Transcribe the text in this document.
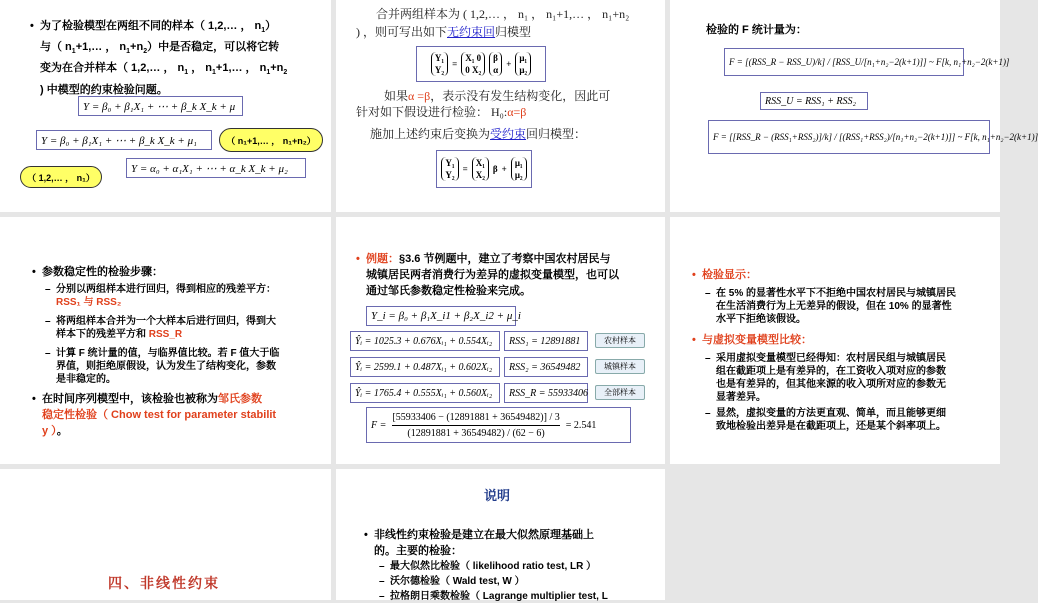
• 为了检验模型在两组不同的样本（ 1,2,… ， $n_1$）
与（ $n_1+1,\dots$ ， $n_1+n_2$）中是否稳定，可以将它转
变为在合并样本（ 1,2,… ， $n_1$ ， $n_1+1,\dots$ ， $n_1+n_2$
) 中模型的约束检验问题。
Y = β₀ + β₁X₁ + ⋯ + β_k X_k + μ
Y = β₀ + β₁X₁ + ⋯ + β_k X_k + μ₁
Y = α₀ + α₁X₁ + ⋯ + α_k X_k + μ₂
（ n₁+1,… ， n₁+n₂）
（ 1,2,… ， n₁）
合并两组样本为 ( 1,2,… ， n₁ ， n₁+1,… ， n₁+n₂
) ，则可写出如下无约束回归模型
Y₁
Y₂
=
X₁ 0
0 X₂
β
α
+
μ₁
μ₂
如果α =β，表示没有发生结构变化，因此可
针对如下假设进行检验： H₀:α=β
施加上述约束后变换为受约束回归模型：
Y₁
Y₂
=
X₁
X₂
β +
μ₁
μ₂
检验的 F 统计量为：
F = [(RSS_R − RSS_U)/k] / [RSS_U/[n₁+n₂−2(k+1)]] ~ F[k, n₁+n₂−2(k+1)]
RSS_U = RSS₁ + RSS₂
F = [[RSS_R − (RSS₁+RSS₂)]/k] / [(RSS₁+RSS₂)/[n₁+n₂−2(k+1)]] ~ F[k, n₁+n₂−2(k+1)]
• 参数稳定性的检验步骤：
– 分别以两组样本进行回归，得到相应的残差平方：
RSS₁ 与 RSS₂
– 将两组样本合并为一个大样本后进行回归，得到大
样本下的残差平方和 RSS_R
– 计算 F 统计量的值，与临界值比较。若 F 值大于临
界值，则拒绝原假设，认为发生了结构变化，参数
是非稳定的。
• 在时间序列模型中，该检验也被称为邹氏参数
稳定性检验（ Chow test for parameter stabilit
y ）。
• 例题：§3.6 节例题中，建立了考察中国农村居民与
城镇居民两者消费行为差异的虚拟变量模型，也可以
通过邹氏参数稳定性检验来完成。
Y_i = β₀ + β₁X_i1 + β₂X_i2 + μ_i
Ŷᵢ = 1025.3 + 0.676Xᵢ₁ + 0.554Xᵢ₂	RSS₁ = 12891881	农村样本
Ŷᵢ = 2599.1 + 0.487Xᵢ₁ + 0.602Xᵢ₂	RSS₂ = 36549482	城镇样本
Ŷᵢ = 1765.4 + 0.555Xᵢ₁ + 0.560Xᵢ₂	RSS_R = 55933406	全部样本
$F = \frac{[55933406 - (12891881 + 36549482)] / 3}{(12891881 + 36549482) / (62 - 6)} = 2.541$
• 检验显示：
– 在 5% 的显著性水平下不拒绝中国农村居民与城镇居民
在生活消费行为上无差异的假设，但在 10% 的显著性
水平下拒绝该假设。
• 与虚拟变量模型比较：
– 采用虚拟变量模型已经得知：农村居民组与城镇居民
组在截距项上是有差异的，在工资收入项对应的参数
也是有差异的，但其他来源的收入项所对应的参数无
显著差异。
– 显然，虚拟变量的方法更直观、简单，而且能够更细
致地检验出差异是在截距项上，还是某个斜率项上。
四、非线性约束
说明
• 非线性约束检验是建立在最大似然原理基础上
的。主要的检验：
– 最大似然比检验（ likelihood ratio test, LR ）
– 沃尔德检验（ Wald test, W ）
– 拉格朗日乘数检验（ Lagrange multiplier test, L
